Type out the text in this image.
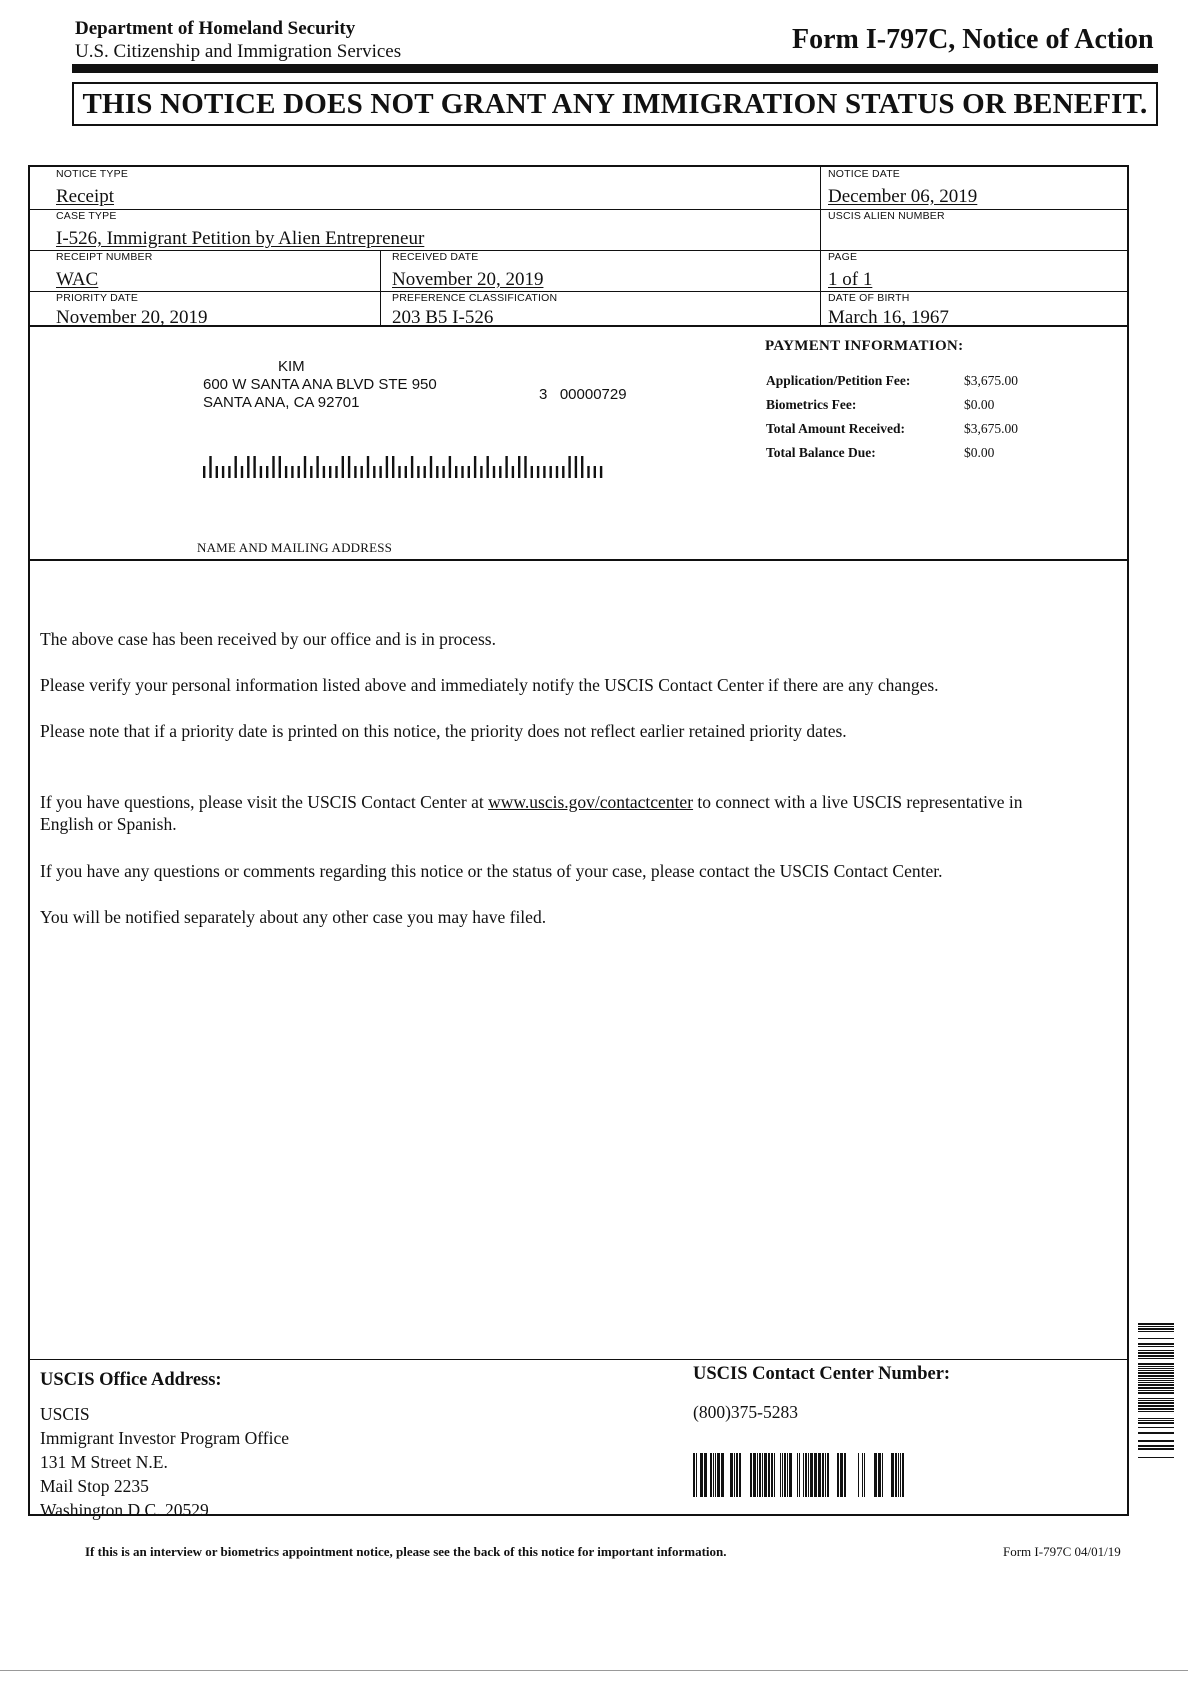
Department of Homeland Security
U.S. Citizenship and Immigration Services	Form I-797C, Notice of Action
THIS NOTICE DOES NOT GRANT ANY IMMIGRATION STATUS OR BENEFIT.
NOTICE TYPE
Receipt
NOTICE DATE
December 06, 2019
CASE TYPE
I-526, Immigrant Petition by Alien Entrepreneur
USCIS ALIEN NUMBER
RECEIPT NUMBER
WAC
RECEIVED DATE
November 20, 2019
PAGE
1 of 1
PRIORITY DATE
November 20, 2019
PREFERENCE CLASSIFICATION
203 B5 I-526
DATE OF BIRTH
March 16, 1967
KIM
600 W SANTA ANA BLVD STE 950
SANTA ANA, CA 92701	3   00000729
NAME AND MAILING ADDRESS
PAYMENT INFORMATION:
Application/Petition Fee:	$3,675.00
Biometrics Fee:	$0.00
Total Amount Received:	$3,675.00
Total Balance Due:	$0.00
The above case has been received by our office and is in process.
Please verify your personal information listed above and immediately notify the USCIS Contact Center if there are any changes.
Please note that if a priority date is printed on this notice, the priority does not reflect earlier retained priority dates.
If you have questions, please visit the USCIS Contact Center at www.uscis.gov/contactcenter to connect with a live USCIS representative in English or Spanish.
If you have any questions or comments regarding this notice or the status of your case, please contact the USCIS Contact Center.
You will be notified separately about any other case you may have filed.
USCIS Office Address:
USCIS
Immigrant Investor Program Office
131 M Street N.E.
Mail Stop 2235
Washington D.C. 20529
USCIS Contact Center Number:
(800)375-5283
If this is an interview or biometrics appointment notice, please see the back of this notice for important information.	Form I-797C 04/01/19
